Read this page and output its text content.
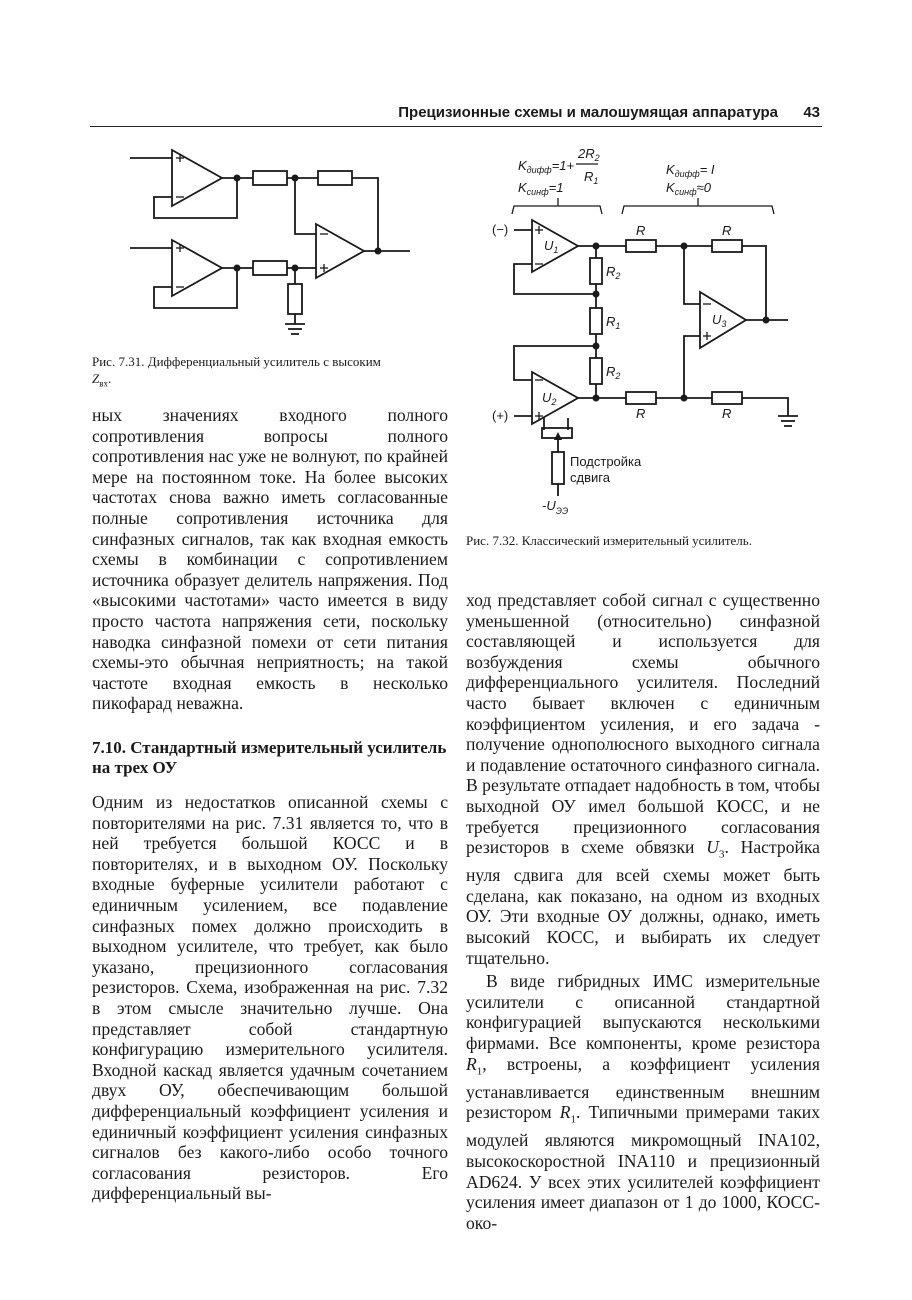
Прецизионные схемы и малошумящая аппаратура 43
Рис. 7.31. Дифференциальный усилитель с высоким
$Z_{вх}$.
$K_{дифф}=1+$
$2R_2$
$R_1$
$K_{синф}=1$
$K_{дифф}= I$
$K_{синф}\approx 0$
(−)
(+)
$U_1$
$U_2$
$U_3$
$R_2$
$R_1$
$R_2$
R	R
R	R
Подстройка
сдвига
$-U_{ЭЭ}$
Рис. 7.32. Классический измерительный усилитель.

ных значениях входного полного сопротивления вопросы полного сопротивления нас уже не волнуют, по крайней мере на постоянном токе. На более высоких частотах снова важно иметь согласованные полные сопротивления источника для синфазных сигналов, так как входная емкость схемы в комбинации с сопротивлением источника образует делитель напряжения. Под «высокими частотами» часто имеется в виду просто частота напряжения сети, поскольку наводка синфазной помехи от сети питания схемы-это обычная неприятность; на такой частоте входная емкость в несколько пикофарад неважна.

7.10. Стандартный измерительный усилитель на трех ОУ

Одним из недостатков описанной схемы с повторителями на рис. 7.31 является то, что в ней требуется большой КОСС и в повторителях, и в выходном ОУ. Поскольку входные буферные усилители работают с единичным усилением, все подавление синфазных помех должно происходить в выходном усилителе, что требует, как было указано, прецизионного согласования резисторов. Схема, изображенная на рис. 7.32 в этом смысле значительно лучше. Она представляет собой стандартную конфигурацию измерительного усилителя. Входной каскад является удачным сочетанием двух ОУ, обеспечивающим большой дифференциальный коэффициент усиления и единичный коэффициент усиления синфазных сигналов без какого-либо особо точного согласования резисторов. Его дифференциальный вы-

ход представляет собой сигнал с существенно уменьшенной (относительно) синфазной составляющей и используется для возбуждения схемы обычного дифференциального усилителя. Последний часто бывает включен с единичным коэффициентом усиления, и его задача - получение однополюсного выходного сигнала и подавление остаточного синфазного сигнала. В результате отпадает надобность в том, чтобы выходной ОУ имел большой КОСС, и не требуется прецизионного согласования резисторов в схеме обвязки $U_3$. Настройка нуля сдвига для всей схемы может быть сделана, как показано, на одном из входных ОУ. Эти входные ОУ должны, однако, иметь высокий КОСС, и выбирать их следует тщательно.

В виде гибридных ИМС измерительные усилители с описанной стандартной конфигурацией выпускаются несколькими фирмами. Все компоненты, кроме резистора $R_1$, встроены, а коэффициент усиления устанавливается единственным внешним резистором $R_1$. Типичными примерами таких модулей являются микромощный INA102, высокоскоростной INA110 и прецизионный AD624. У всех этих усилителей коэффициент усиления имеет диапазон от 1 до 1000, КОСС-око-
